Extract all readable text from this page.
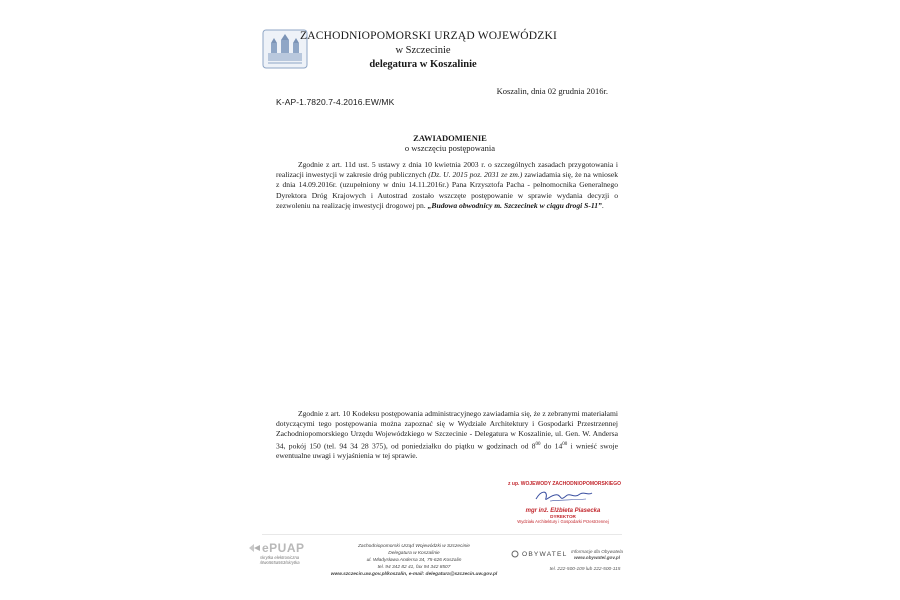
ZACHODNIOPOMORSKI URZĄD WOJEWÓDZKI
w Szczecinie
delegatura w Koszalinie
Koszalin, dnia 02 grudnia 2016r.
K-AP-1.7820.7-4.2016.EW/MK
ZAWIADOMIENIE
o wszczęciu postępowania
Zgodnie z art. 11d ust. 5 ustawy z dnia 10 kwietnia 2003 r. o szczególnych zasadach przygotowania i realizacji inwestycji w zakresie dróg publicznych (Dz. U. 2015 poz. 2031 ze zm.) zawiadamia się, że na wniosek z dnia 14.09.2016r. (uzupełniony w dniu 14.11.2016r.) Pana Krzysztofa Pacha - pełnomocnika Generalnego Dyrektora Dróg Krajowych i Autostrad zostało wszczęte postępowanie w sprawie wydania decyzji o zezwoleniu na realizację inwestycji drogowej pn. „Budowa obwodnicy m. Szczecinek w ciągu drogi S-11”.
Zgodnie z art. 10 Kodeksu postępowania administracyjnego zawiadamia się, że z zebranymi materiałami dotyczącymi tego postępowania można zapoznać się w Wydziale Architektury i Gospodarki Przestrzennej Zachodniopomorskiego Urzędu Wojewódzkiego w Szczecinie - Delegatura w Koszalinie, ul. Gen. W. Andersa 34, pokój 150 (tel. 94 34 28 375), od poniedziałku do piątku w godzinach od $8^{00}$ do $14^{00}$ i wnieść swoje ewentualne uwagi i wyjaśnienia w tej sprawie.
z up. WOJEWODY ZACHODNIOPOMORSKIEGO
mgr inż. Elżbieta Piasecka
DYREKTOR
Wydziału Architektury i Gospodarki Przestrzennej
ePUAP
skrytka elektroniczna
/8wo565a563/skrytka
Zachodniopomorski Urząd Wojewódzki w Szczecinie
Delegatura w Koszalinie
ul. Władysława Andersa 34, 75-626 Koszalin
tel. 94 342 82 41, fax 94 342 8507
www.szczecin.uw.gov.pl/koszalin, e-mail: delegatura@szczecin.uw.gov.pl
OBYWATEL Informacje dla Obywatela
www.obywatel.gov.pl
tel. 222-500-109 lub 222-500-115
